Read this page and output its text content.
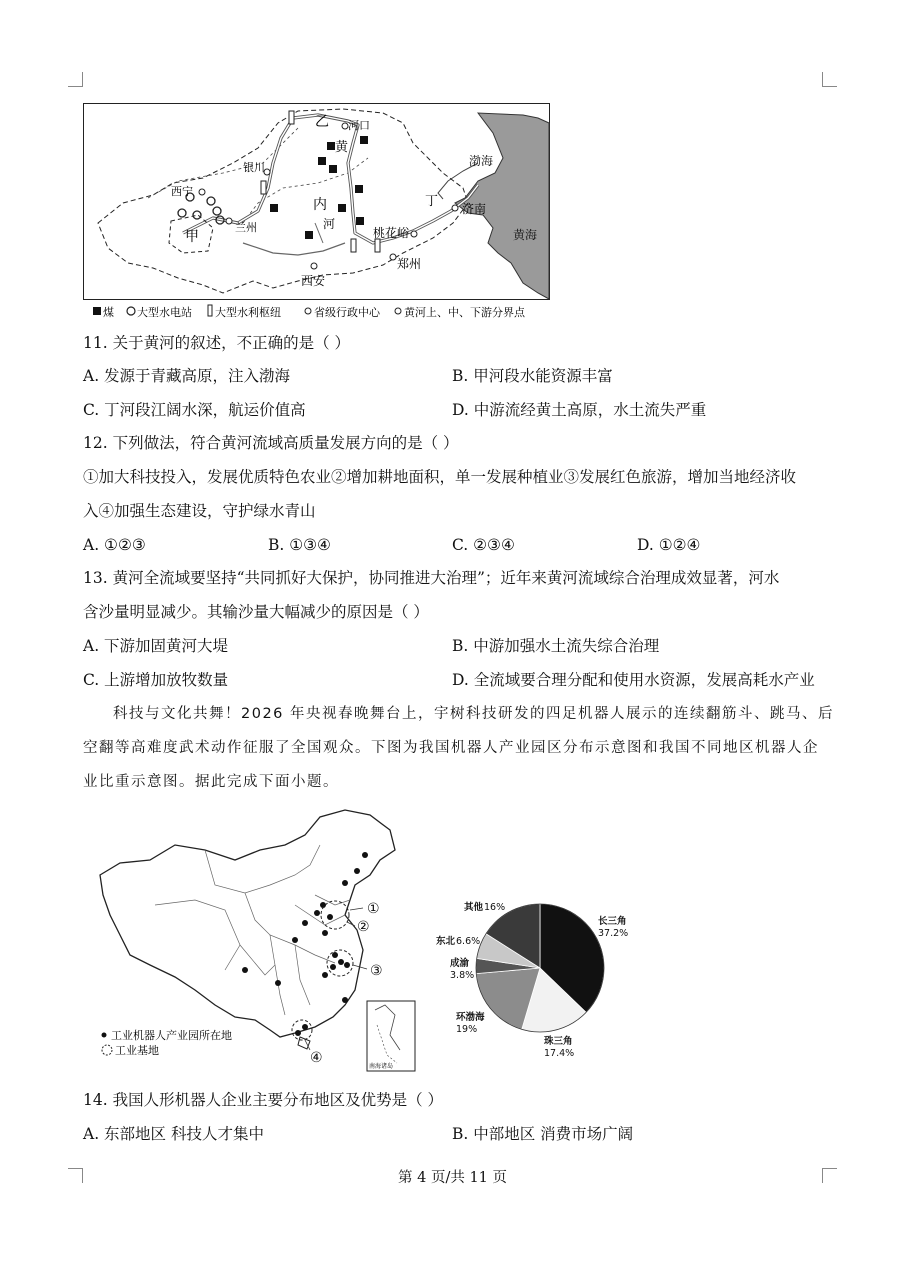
乙 河口
黄
银川
西宁
内
河
兰州
甲
西安
桃花峪
郑州
济南
丁
渤海
黄海
煤 大型水电站 大型水利枢纽	省级行政中心 黄河上、中、下游分界点
11. 关于黄河的叙述，不正确的是（ ）
A. 发源于青藏高原，注入渤海	B. 甲河段水能资源丰富
C. 丁河段江阔水深，航运价值高	D. 中游流经黄土高原，水土流失严重
12. 下列做法，符合黄河流域高质量发展方向的是（ ）
①加大科技投入，发展优质特色农业②增加耕地面积，单一发展种植业③发展红色旅游，增加当地经济收
入④加强生态建设，守护绿水青山
A. ①②③	B. ①③④	C. ②③④	D. ①②④
13. 黄河全流域要坚持“共同抓好大保护，协同推进大治理”；近年来黄河流域综合治理成效显著，河水
含沙量明显减少。其输沙量大幅减少的原因是（ ）
A. 下游加固黄河大堤	B. 中游加强水土流失综合治理
C. 上游增加放牧数量	D. 全流域要合理分配和使用水资源，发展高耗水产业
科技与文化共舞！2026 年央视春晚舞台上，宇树科技研发的四足机器人展示的连续翻筋斗、跳马、后
空翻等高难度武术动作征服了全国观众。下图为我国机器人产业园区分布示意图和我国不同地区机器人企
业比重示意图。据此完成下面小题。
①
②
③
④
南海诸岛
工业机器人产业园所在地
工业基地
长三角
37.2%
珠三角
17.4%
环渤海
19%
成渝
3.8%
东北 6.6%
其他 16%
14. 我国人形机器人企业主要分布地区及优势是（ ）
A. 东部地区 科技人才集中	B. 中部地区 消费市场广阔
第 4 页/共 11 页
